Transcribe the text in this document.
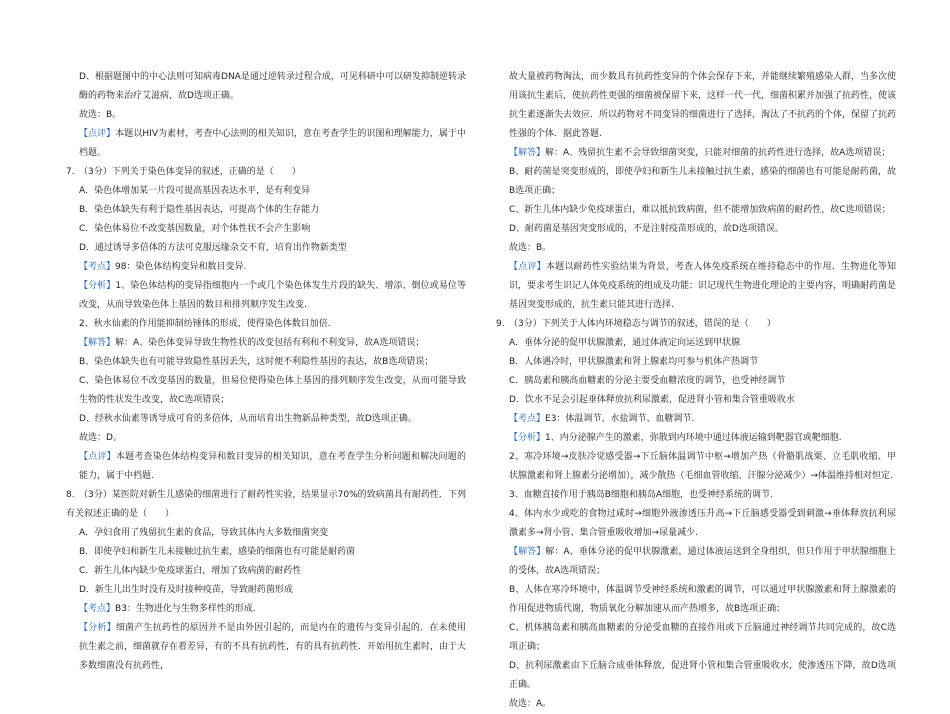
D、根据题图中的中心法则可知病毒DNA是通过逆转录过程合成，可见科研中可以研发抑制逆转录酶的药物来治疗艾滋病，故D选项正确。

故选：B。

【点评】本题以HIV为素材，考查中心法则的相关知识，意在考查学生的识图和理解能力，属于中档题。

7. （3分）下列关于染色体变异的叙述，正确的是（　　）

A．染色体增加某一片段可提高基因表达水平，是有利变异

B．染色体缺失有利于隐性基因表达，可提高个体的生存能力

C．染色体易位不改变基因数量，对个体性状不会产生影响

D．通过诱导多倍体的方法可克服远缘杂交不育，培育出作物新类型

【考点】98：染色体结构变异和数目变异.

【分析】1、染色体结构的变异指细胞内一个或几个染色体发生片段的缺失、增添、倒位或易位等改变，从而导致染色体上基因的数目和排列顺序发生改变.

2、秋水仙素的作用能抑制纺锤体的形成，使得染色体数目加倍.

【解答】解：A、染色体变异导致生物性状的改变包括有利和不利变异，故A选项错误；

B、染色体缺失也有可能导致隐性基因丢失，这时便不利隐性基因的表达，故B选项错误；

C、染色体易位不改变基因的数量，但易位使得染色体上基因的排列顺序发生改变，从而可能导致生物的性状发生改变，故C选项错误；

D、经秋水仙素等诱导成可育的多倍体，从而培育出生物新品种类型，故D选项正确。

故选：D。

【点评】本题考查染色体结构变异和数目变异的相关知识，意在考查学生分析问题和解决问题的能力，属于中档题.

8. （3分）某医院对新生儿感染的细菌进行了耐药性实验，结果显示70%的致病菌具有耐药性．下列有关叙述正确的是（　　）

A．孕妇食用了残留抗生素的食品，导致其体内大多数细菌突变

B．即使孕妇和新生儿未接触过抗生素，感染的细菌也有可能是耐药菌

C．新生儿体内缺少免疫球蛋白，增加了致病菌的耐药性

D．新生儿出生时没有及时接种疫苗，导致耐药菌形成

【考点】B3：生物进化与生物多样性的形成.

【分析】细菌产生抗药性的原因并不是由外因引起的，而是内在的遗传与变异引起的．在未使用抗生素之前，细菌就存在着差异，有的不具有抗药性，有的具有抗药性．开始用抗生素时，由于大多数细菌没有抗药性，

故大量被药物淘汰，而少数具有抗药性变异的个体会保存下来，并能继续繁殖感染人群，当多次使用该抗生素后，使抗药性更强的细菌被保留下来，这样一代一代，细菌积累并加强了抗药性，使该抗生素逐渐失去效应．所以药物对不同变异的细菌进行了选择，淘汰了不抗药的个体，保留了抗药性强的个体．据此答题.

【解答】解：A、残留抗生素不会导致细菌突变，只能对细菌的抗药性进行选择，故A选项错误；

B、耐药菌是突变形成的，即使孕妇和新生儿未接触过抗生素，感染的细菌也有可能是耐药菌，故B选项正确；

C、新生儿体内缺少免疫球蛋白，难以抵抗致病菌，但不能增加致病菌的耐药性，故C选项错误；

D、耐药菌是基因突变形成的，不是注射疫苗形成的，故D选项错误。

故选：B。

【点评】本题以耐药性实验结果为背景，考查人体免疫系统在维持稳态中的作用、生物进化等知识，要求考生识记人体免疫系统的组成及功能；识记现代生物进化理论的主要内容，明确耐药菌是基因突变形成的，抗生素只能其进行选择.

9. （3分）下列关于人体内环境稳态与调节的叙述，错误的是（　　）

A．垂体分泌的促甲状腺激素，通过体液定向运送到甲状腺

B．人体遇冷时，甲状腺激素和肾上腺素均可参与机体产热调节

C．胰岛素和胰高血糖素的分泌主要受血糖浓度的调节，也受神经调节

D．饮水不足会引起垂体释放抗利尿激素，促进肾小管和集合管重吸收水

【考点】E3：体温调节、水盐调节、血糖调节.

【分析】1、内分泌腺产生的激素，弥散到内环境中通过体液运输到靶器官或靶细胞.

2、寒冷环境→皮肤冷觉感受器→下丘脑体温调节中枢→增加产热（骨骼肌战栗、立毛肌收缩、甲状腺激素和肾上腺素分泌增加），减少散热（毛细血管收缩、汗腺分泌减少）→体温维持相对恒定.

3、血糖直接作用于胰岛B细胞和胰岛A细胞，也受神经系统的调节.

4、体内水少或吃的食物过咸时→细胞外液渗透压升高→下丘脑感受器受到刺激→垂体释放抗利尿激素多→肾小管、集合管重吸收增加→尿量减少.

【解答】解：A、垂体分泌的促甲状腺激素，通过体液运送到全身组织，但只作用于甲状腺细胞上的受体，故A选项错误；

B、人体在寒冷环境中，体温调节受神经系统和激素的调节，可以通过甲状腺激素和肾上腺激素的作用促进物质代谢，物质氧化分解加速从而产热增多，故B选项正确；

C、机体胰岛素和胰高血糖素的分泌受血糖的直接作用或下丘脑通过神经调节共同完成的，故C选项正确；

D、抗利尿激素由下丘脑合成垂体释放，促进肾小管和集合管重吸收水，使渗透压下降，故D选项正确。

故选：A。
